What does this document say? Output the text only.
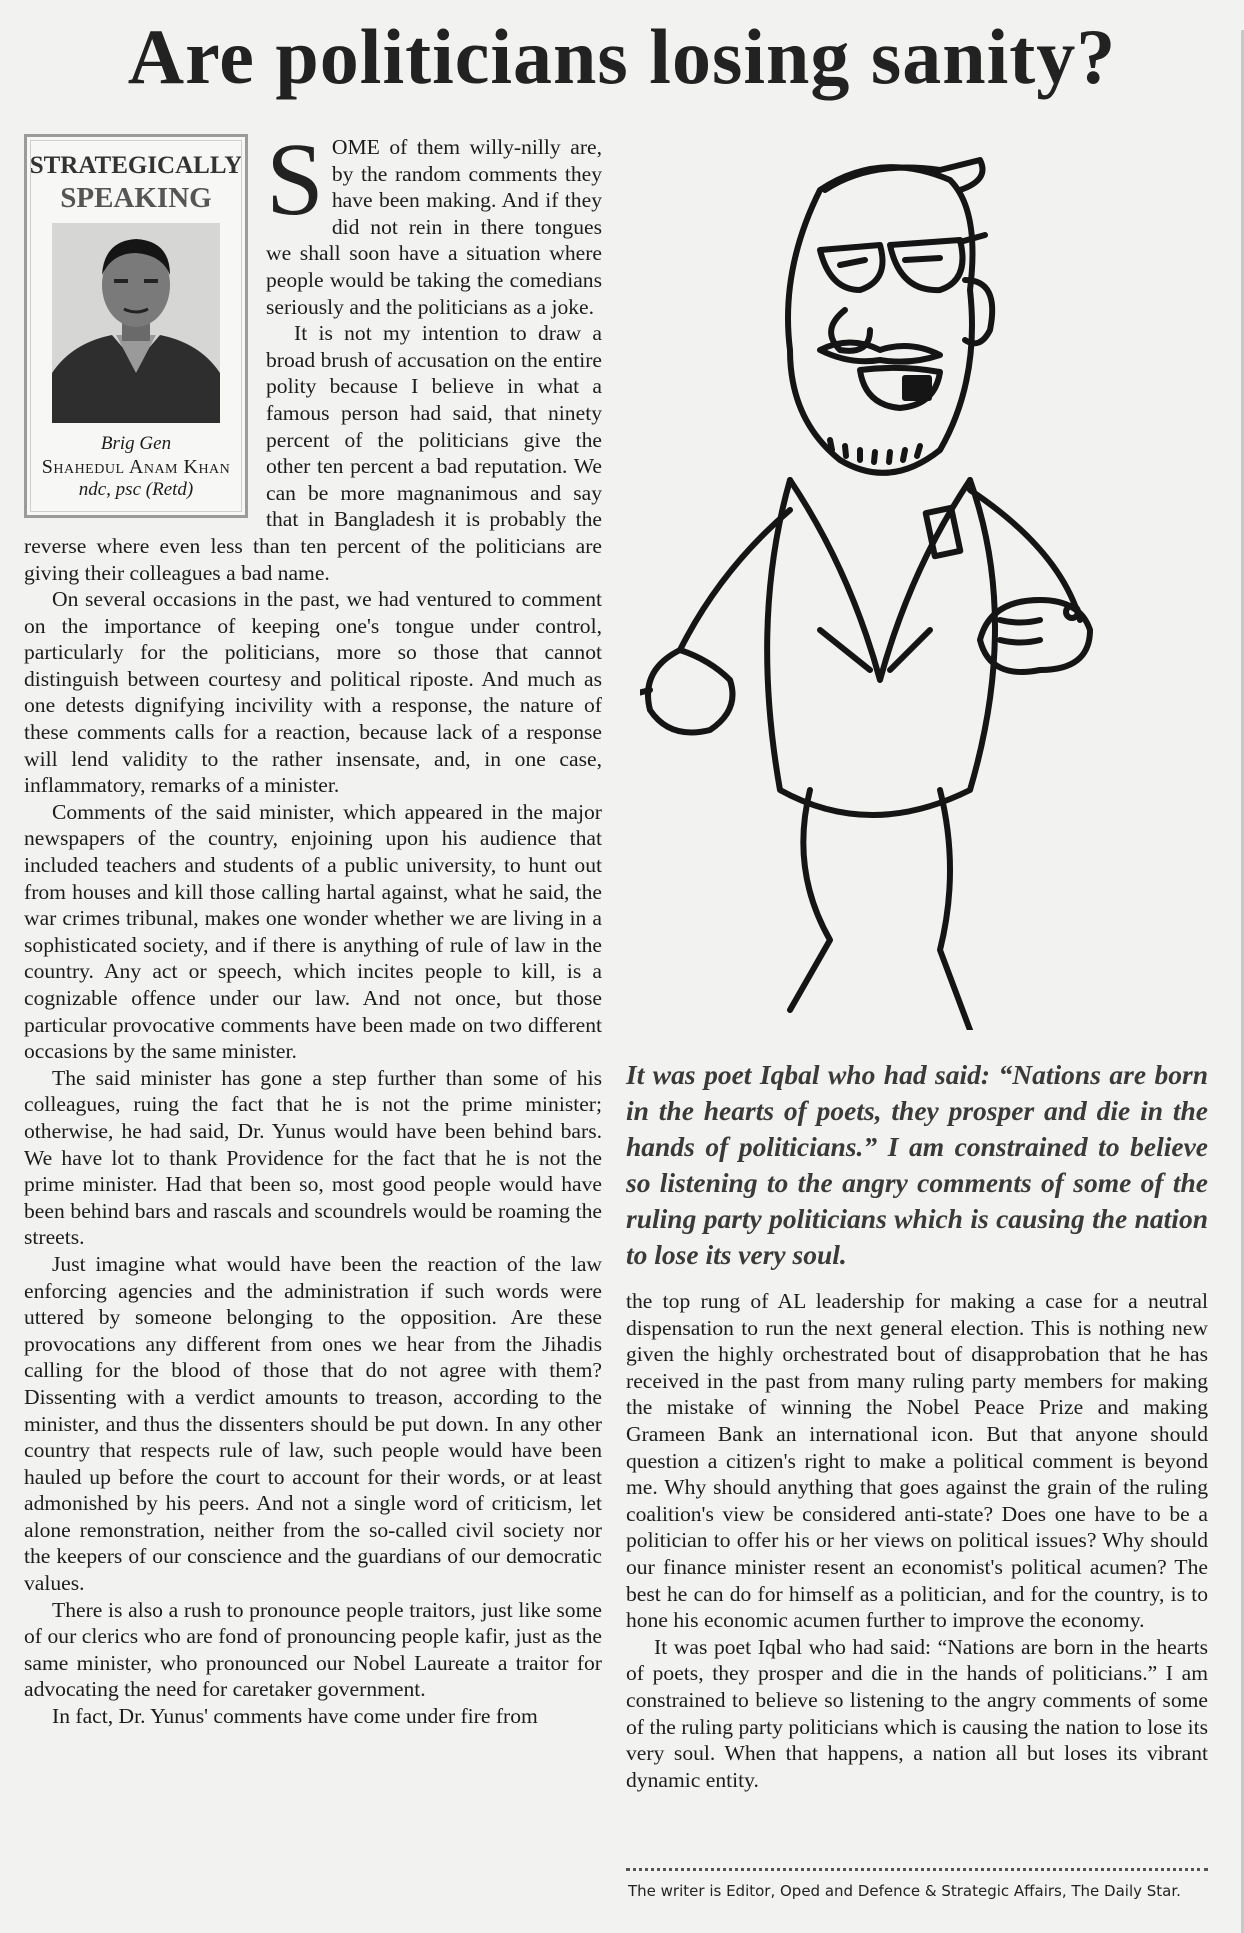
Are politicians losing sanity?
STRATEGICALLY
SPEAKING
Brig Gen
Shahedul Anam Khan
ndc, psc (Retd)
S OME of them willy-nilly are, by the random comments they have been making. And if they did not rein in there tongues we shall soon have a situation where people would be taking the comedians seriously and the politicians as a joke.

It is not my intention to draw a broad brush of accusation on the entire polity because I believe in what a famous person had said, that ninety percent of the politicians give the other ten percent a bad reputation. We can be more magnanimous and say that in Bangladesh it is probably the reverse where even less than ten percent of the politicians are giving their colleagues a bad name.

On several occasions in the past, we had ventured to comment on the importance of keeping one's tongue under control, particularly for the politicians, more so those that cannot distinguish between courtesy and political riposte. And much as one detests dignifying incivility with a response, the nature of these comments calls for a reaction, because lack of a response will lend validity to the rather insensate, and, in one case, inflammatory, remarks of a minister.

Comments of the said minister, which appeared in the major newspapers of the country, enjoining upon his audience that included teachers and students of a public university, to hunt out from houses and kill those calling hartal against, what he said, the war crimes tribunal, makes one wonder whether we are living in a sophisticated society, and if there is anything of rule of law in the country. Any act or speech, which incites people to kill, is a cognizable offence under our law. And not once, but those particular provocative comments have been made on two different occasions by the same minister.

The said minister has gone a step further than some of his colleagues, ruing the fact that he is not the prime minister; otherwise, he had said, Dr. Yunus would have been behind bars. We have lot to thank Providence for the fact that he is not the prime minister. Had that been so, most good people would have been behind bars and rascals and scoundrels would be roaming the streets.

Just imagine what would have been the reaction of the law enforcing agencies and the administration if such words were uttered by someone belonging to the opposition. Are these provocations any different from ones we hear from the Jihadis calling for the blood of those that do not agree with them? Dissenting with a verdict amounts to treason, according to the minister, and thus the dissenters should be put down. In any other country that respects rule of law, such people would have been hauled up before the court to account for their words, or at least admonished by his peers. And not a single word of criticism, let alone remonstration, neither from the so-called civil society nor the keepers of our conscience and the guardians of our democratic values.

There is also a rush to pronounce people traitors, just like some of our clerics who are fond of pronouncing people kafir, just as the same minister, who pronounced our Nobel Laureate a traitor for advocating the need for caretaker government.

In fact, Dr. Yunus' comments have come under fire from

It was poet Iqbal who had said: “Nations are born in the hearts of poets, they prosper and die in the hands of politicians.” I am constrained to believe so listening to the angry comments of some of the ruling party politicians which is causing the nation to lose its very soul.

the top rung of AL leadership for making a case for a neutral dispensation to run the next general election. This is nothing new given the highly orchestrated bout of disapprobation that he has received in the past from many ruling party members for making the mistake of winning the Nobel Peace Prize and making Grameen Bank an international icon. But that anyone should question a citizen's right to make a political comment is beyond me. Why should anything that goes against the grain of the ruling coalition's view be considered anti-state? Does one have to be a politician to offer his or her views on political issues? Why should our finance minister resent an economist's political acumen? The best he can do for himself as a politician, and for the country, is to hone his economic acumen further to improve the economy.

It was poet Iqbal who had said: “Nations are born in the hearts of poets, they prosper and die in the hands of politicians.” I am constrained to believe so listening to the angry comments of some of the ruling party politicians which is causing the nation to lose its very soul. When that happens, a nation all but loses its vibrant dynamic entity.

The writer is Editor, Oped and Defence & Strategic Affairs, The Daily Star.
